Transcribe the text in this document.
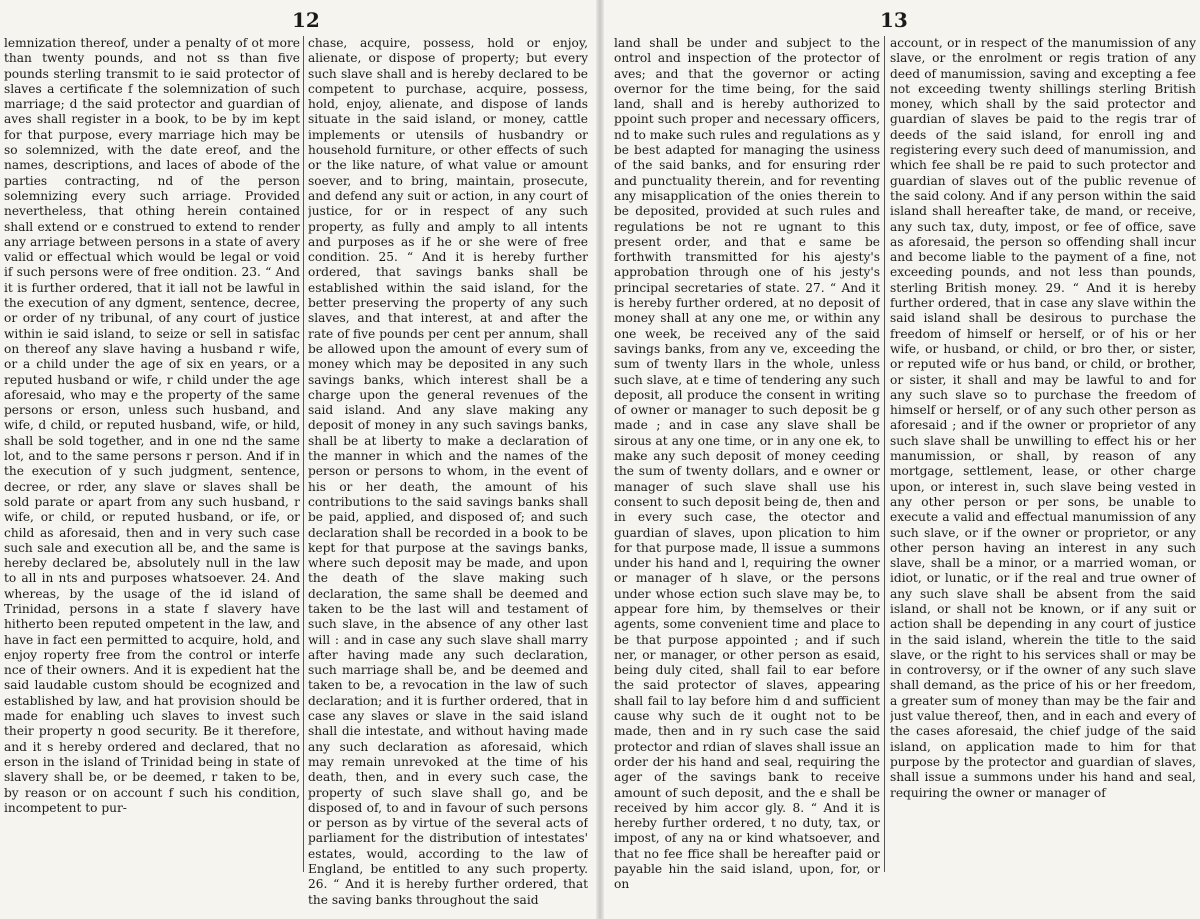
12

lemnization thereof, under a penalty of ot more than twenty pounds, and not ss than five pounds sterling transmit to ie said protector of slaves a certificate f the solemnization of such marriage; d the said protector and guardian of aves shall register in a book, to be by im kept for that purpose, every marriage hich may be so solemnized, with the date ereof, and the names, descriptions, and laces of abode of the parties contracting, nd of the person solemnizing every such arriage. Provided nevertheless, that othing herein contained shall extend or e construed to extend to render any arriage between persons in a state of avery valid or effectual which would be legal or void if such persons were of free ondition. 23. “ And it is further ordered, that it iall not be lawful in the execution of any dgment, sentence, decree, or order of ny tribunal, of any court of justice within ie said island, to seize or sell in satisfac on thereof any slave having a husband r wife, or a child under the age of six en years, or a reputed husband or wife, r child under the age aforesaid, who may e the property of the same persons or erson, unless such husband, and wife, d child, or reputed husband, wife, or hild, shall be sold together, and in one nd the same lot, and to the same persons r person. And if in the execution of y such judgment, sentence, decree, or rder, any slave or slaves shall be sold parate or apart from any such husband, r wife, or child, or reputed husband, or ife, or child as aforesaid, then and in very such case such sale and execution all be, and the same is hereby declared be, absolutely null in the law to all in nts and purposes whatsoever. 24. And whereas, by the usage of the id island of Trinidad, persons in a state f slavery have hitherto been reputed ompetent in the law, and have in fact een permitted to acquire, hold, and enjoy roperty free from the control or interfe nce of their owners. And it is expedient hat the said laudable custom should be ecognized and established by law, and hat provision should be made for enabling uch slaves to invest such their property n good security. Be it therefore, and it s hereby ordered and declared, that no erson in the island of Trinidad being in state of slavery shall be, or be deemed, r taken to be, by reason or on account f such his condition, incompetent to pur-

chase, acquire, possess, hold or enjoy, alienate, or dispose of property; but every such slave shall and is hereby declared to be competent to purchase, acquire, possess, hold, enjoy, alienate, and dispose of lands situate in the said island, or money, cattle implements or utensils of husbandry or household furniture, or other effects of such or the like nature, of what value or amount soever, and to bring, maintain, prosecute, and defend any suit or action, in any court of justice, for or in respect of any such property, as fully and amply to all intents and purposes as if he or she were of free condition. 25. “ And it is hereby further ordered, that savings banks shall be established within the said island, for the better preserving the property of any such slaves, and that interest, at and after the rate of five pounds per cent per annum, shall be allowed upon the amount of every sum of money which may be deposited in any such savings banks, which interest shall be a charge upon the general revenues of the said island. And any slave making any deposit of money in any such savings banks, shall be at liberty to make a declaration of the manner in which and the names of the person or persons to whom, in the event of his or her death, the amount of his contributions to the said savings banks shall be paid, applied, and disposed of; and such declaration shall be recorded in a book to be kept for that purpose at the savings banks, where such deposit may be made, and upon the death of the slave making such declaration, the same shall be deemed and taken to be the last will and testament of such slave, in the absence of any other last will : and in case any such slave shall marry after having made any such declaration, such marriage shall be, and be deemed and taken to be, a revocation in the law of such declaration; and it is further ordered, that in case any slaves or slave in the said island shall die intestate, and without having made any such declaration as aforesaid, which may remain unrevoked at the time of his death, then, and in every such case, the property of such slave shall go, and be disposed of, to and in favour of such persons or person as by virtue of the several acts of parliament for the distribution of intestates' estates, would, according to the law of England, be entitled to any such property. 26. “ And it is hereby further ordered, that the saving banks throughout the said

13

land shall be under and subject to the ontrol and inspection of the protector of aves; and that the governor or acting overnor for the time being, for the said land, shall and is hereby authorized to ppoint such proper and necessary officers, nd to make such rules and regulations as y be best adapted for managing the usiness of the said banks, and for ensuring rder and punctuality therein, and for reventing any misapplication of the onies therein to be deposited, provided at such rules and regulations be not re ugnant to this present order, and that e same be forthwith transmitted for his ajesty's approbation through one of his jesty's principal secretaries of state. 27. “ And it is hereby further ordered, at no deposit of money shall at any one me, or within any one week, be received any of the said savings banks, from any ve, exceeding the sum of twenty llars in the whole, unless such slave, at e time of tendering any such deposit, all produce the consent in writing of owner or manager to such deposit be g made ; and in case any slave shall be sirous at any one time, or in any one ek, to make any such deposit of money ceeding the sum of twenty dollars, and e owner or manager of such slave shall use his consent to such deposit being de, then and in every such case, the otector and guardian of slaves, upon plication to him for that purpose made, ll issue a summons under his hand and l, requiring the owner or manager of h slave, or the persons under whose ection such slave may be, to appear fore him, by themselves or their agents, some convenient time and place to be that purpose appointed ; and if such ner, or manager, or other person as esaid, being duly cited, shall fail to ear before the said protector of slaves, appearing shall fail to lay before him d and sufficient cause why such de it ought not to be made, then and in ry such case the said protector and rdian of slaves shall issue an order der his hand and seal, requiring the ager of the savings bank to receive amount of such deposit, and the e shall be received by him accor gly. 8. “ And it is hereby further ordered, t no duty, tax, or impost, of any na or kind whatsoever, and that no fee ffice shall be hereafter paid or payable hin the said island, upon, for, or on

account, or in respect of the manumission of any slave, or the enrolment or regis tration of any deed of manumission, saving and excepting a fee not exceeding twenty shillings sterling British money, which shall by the said protector and guardian of slaves be paid to the regis trar of deeds of the said island, for enroll ing and registering every such deed of manumission, and which fee shall be re paid to such protector and guardian of slaves out of the public revenue of the said colony. And if any person within the said island shall hereafter take, de mand, or receive, any such tax, duty, impost, or fee of office, save as aforesaid, the person so offending shall incur and become liable to the payment of a fine, not exceeding pounds, and not less than pounds, sterling British money. 29. “ And it is hereby further ordered, that in case any slave within the said island shall be desirous to purchase the freedom of himself or herself, or of his or her wife, or husband, or child, or bro ther, or sister, or reputed wife or hus band, or child, or brother, or sister, it shall and may be lawful to and for any such slave so to purchase the freedom of himself or herself, or of any such other person as aforesaid ; and if the owner or proprietor of any such slave shall be unwilling to effect his or her manumission, or shall, by reason of any mortgage, settlement, lease, or other charge upon, or interest in, such slave being vested in any other person or per sons, be unable to execute a valid and effectual manumission of any such slave, or if the owner or proprietor, or any other person having an interest in any such slave, shall be a minor, or a married woman, or idiot, or lunatic, or if the real and true owner of any such slave shall be absent from the said island, or shall not be known, or if any suit or action shall be depending in any court of justice in the said island, wherein the title to the said slave, or the right to his services shall or may be in controversy, or if the owner of any such slave shall demand, as the price of his or her freedom, a greater sum of money than may be the fair and just value thereof, then, and in each and every of the cases aforesaid, the chief judge of the said island, on application made to him for that purpose by the protector and guardian of slaves, shall issue a summons under his hand and seal, requiring the owner or manager of
